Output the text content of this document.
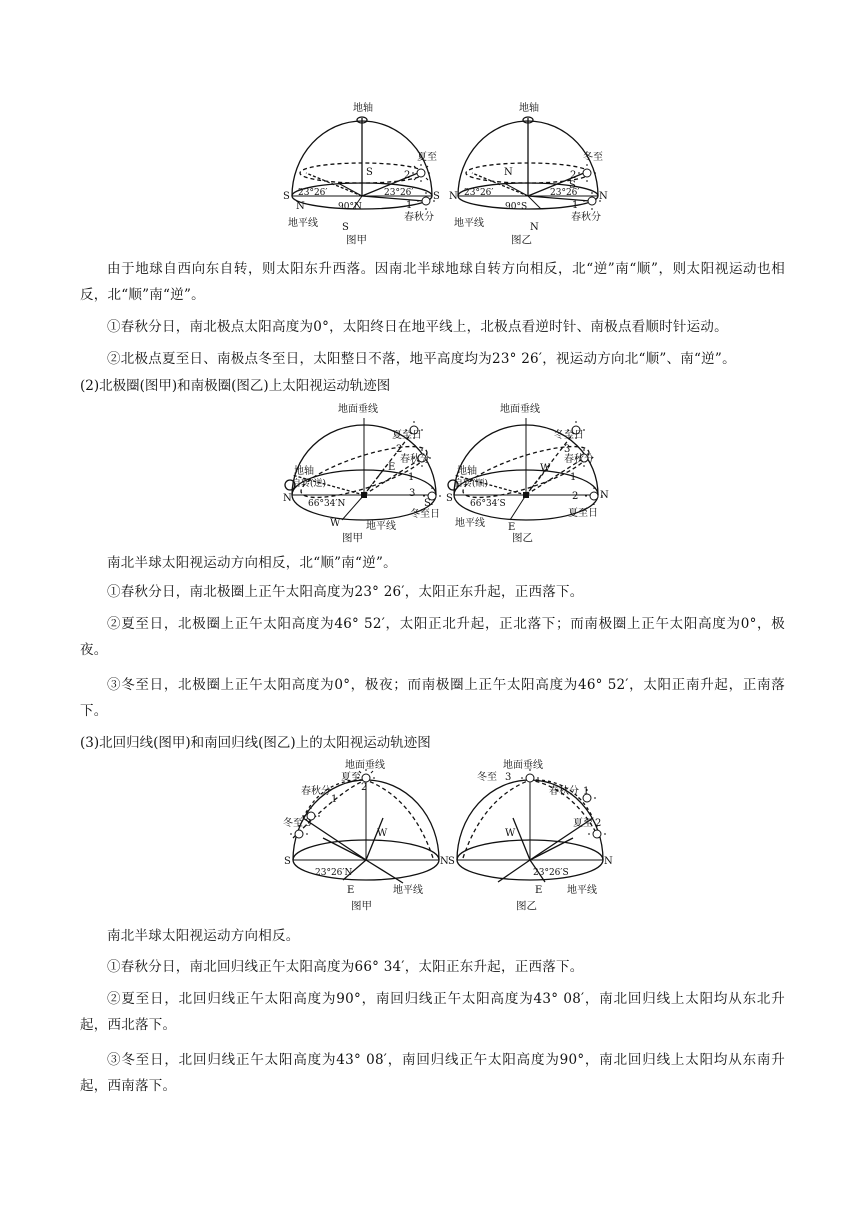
地轴
夏至
2
1
春秋分
23°26′	23°26′
90°N
S
S	S
S
N
地平线
图甲
地轴
冬至
2
1
春秋分
23°26′	23°26′
90°S
N
N	N
N
S
地平线
图乙

由于地球自西向东自转，则太阳东升西落。因南北半球地球自转方向相反，北“逆”南“顺”，则太阳视运动也相反，北“顺”南“逆”。

①春秋分日，南北极点太阳高度为0°，太阳终日在地平线上，北极点看逆时针、南极点看顺时针运动。

②北极点夏至日、南极点冬至日，太阳整日不落，地平高度均为23° 26′，视运动方向北“顺”、南“逆”。

(2)北极圈(图甲)和南极圈(图乙)上太阳视运动轨迹图

地面垂线
夏至日
2
E
春秋分
1
地轴
自转(逆)
3
66°34′N
N	S
冬至日
W	地平线
图甲
地面垂线
冬至日
3
W
春秋分
1
地轴
自转(顺)
2
66°34′S
N
S
夏至日
E
地平线
图乙

南北半球太阳视运动方向相反，北“顺”南“逆”。

①春秋分日，南北极圈上正午太阳高度为23° 26′，太阳正东升起，正西落下。

②夏至日，北极圈上正午太阳高度为46° 52′，太阳正北升起，正北落下；而南极圈上正午太阳高度为0°，极夜。

③冬至日，北极圈上正午太阳高度为0°，极夜；而南极圈上正午太阳高度为46° 52′，太阳正南升起，正南落下。

(3)北回归线(图甲)和南回归线(图乙)上的太阳视运动轨迹图

地面垂线
夏至
2
春秋分
1
冬至 3
W
S	N
23°26′N
E	地平线
图甲
地面垂线
冬至 3
春秋分 1
夏至 2
W
S	N
23°26′S
E 地平线
图乙

南北半球太阳视运动方向相反。

①春秋分日，南北回归线正午太阳高度为66° 34′，太阳正东升起，正西落下。

②夏至日，北回归线正午太阳高度为90°，南回归线正午太阳高度为43° 08′，南北回归线上太阳均从东北升起，西北落下。

③冬至日，北回归线正午太阳高度为43° 08′，南回归线正午太阳高度为90°，南北回归线上太阳均从东南升起，西南落下。
